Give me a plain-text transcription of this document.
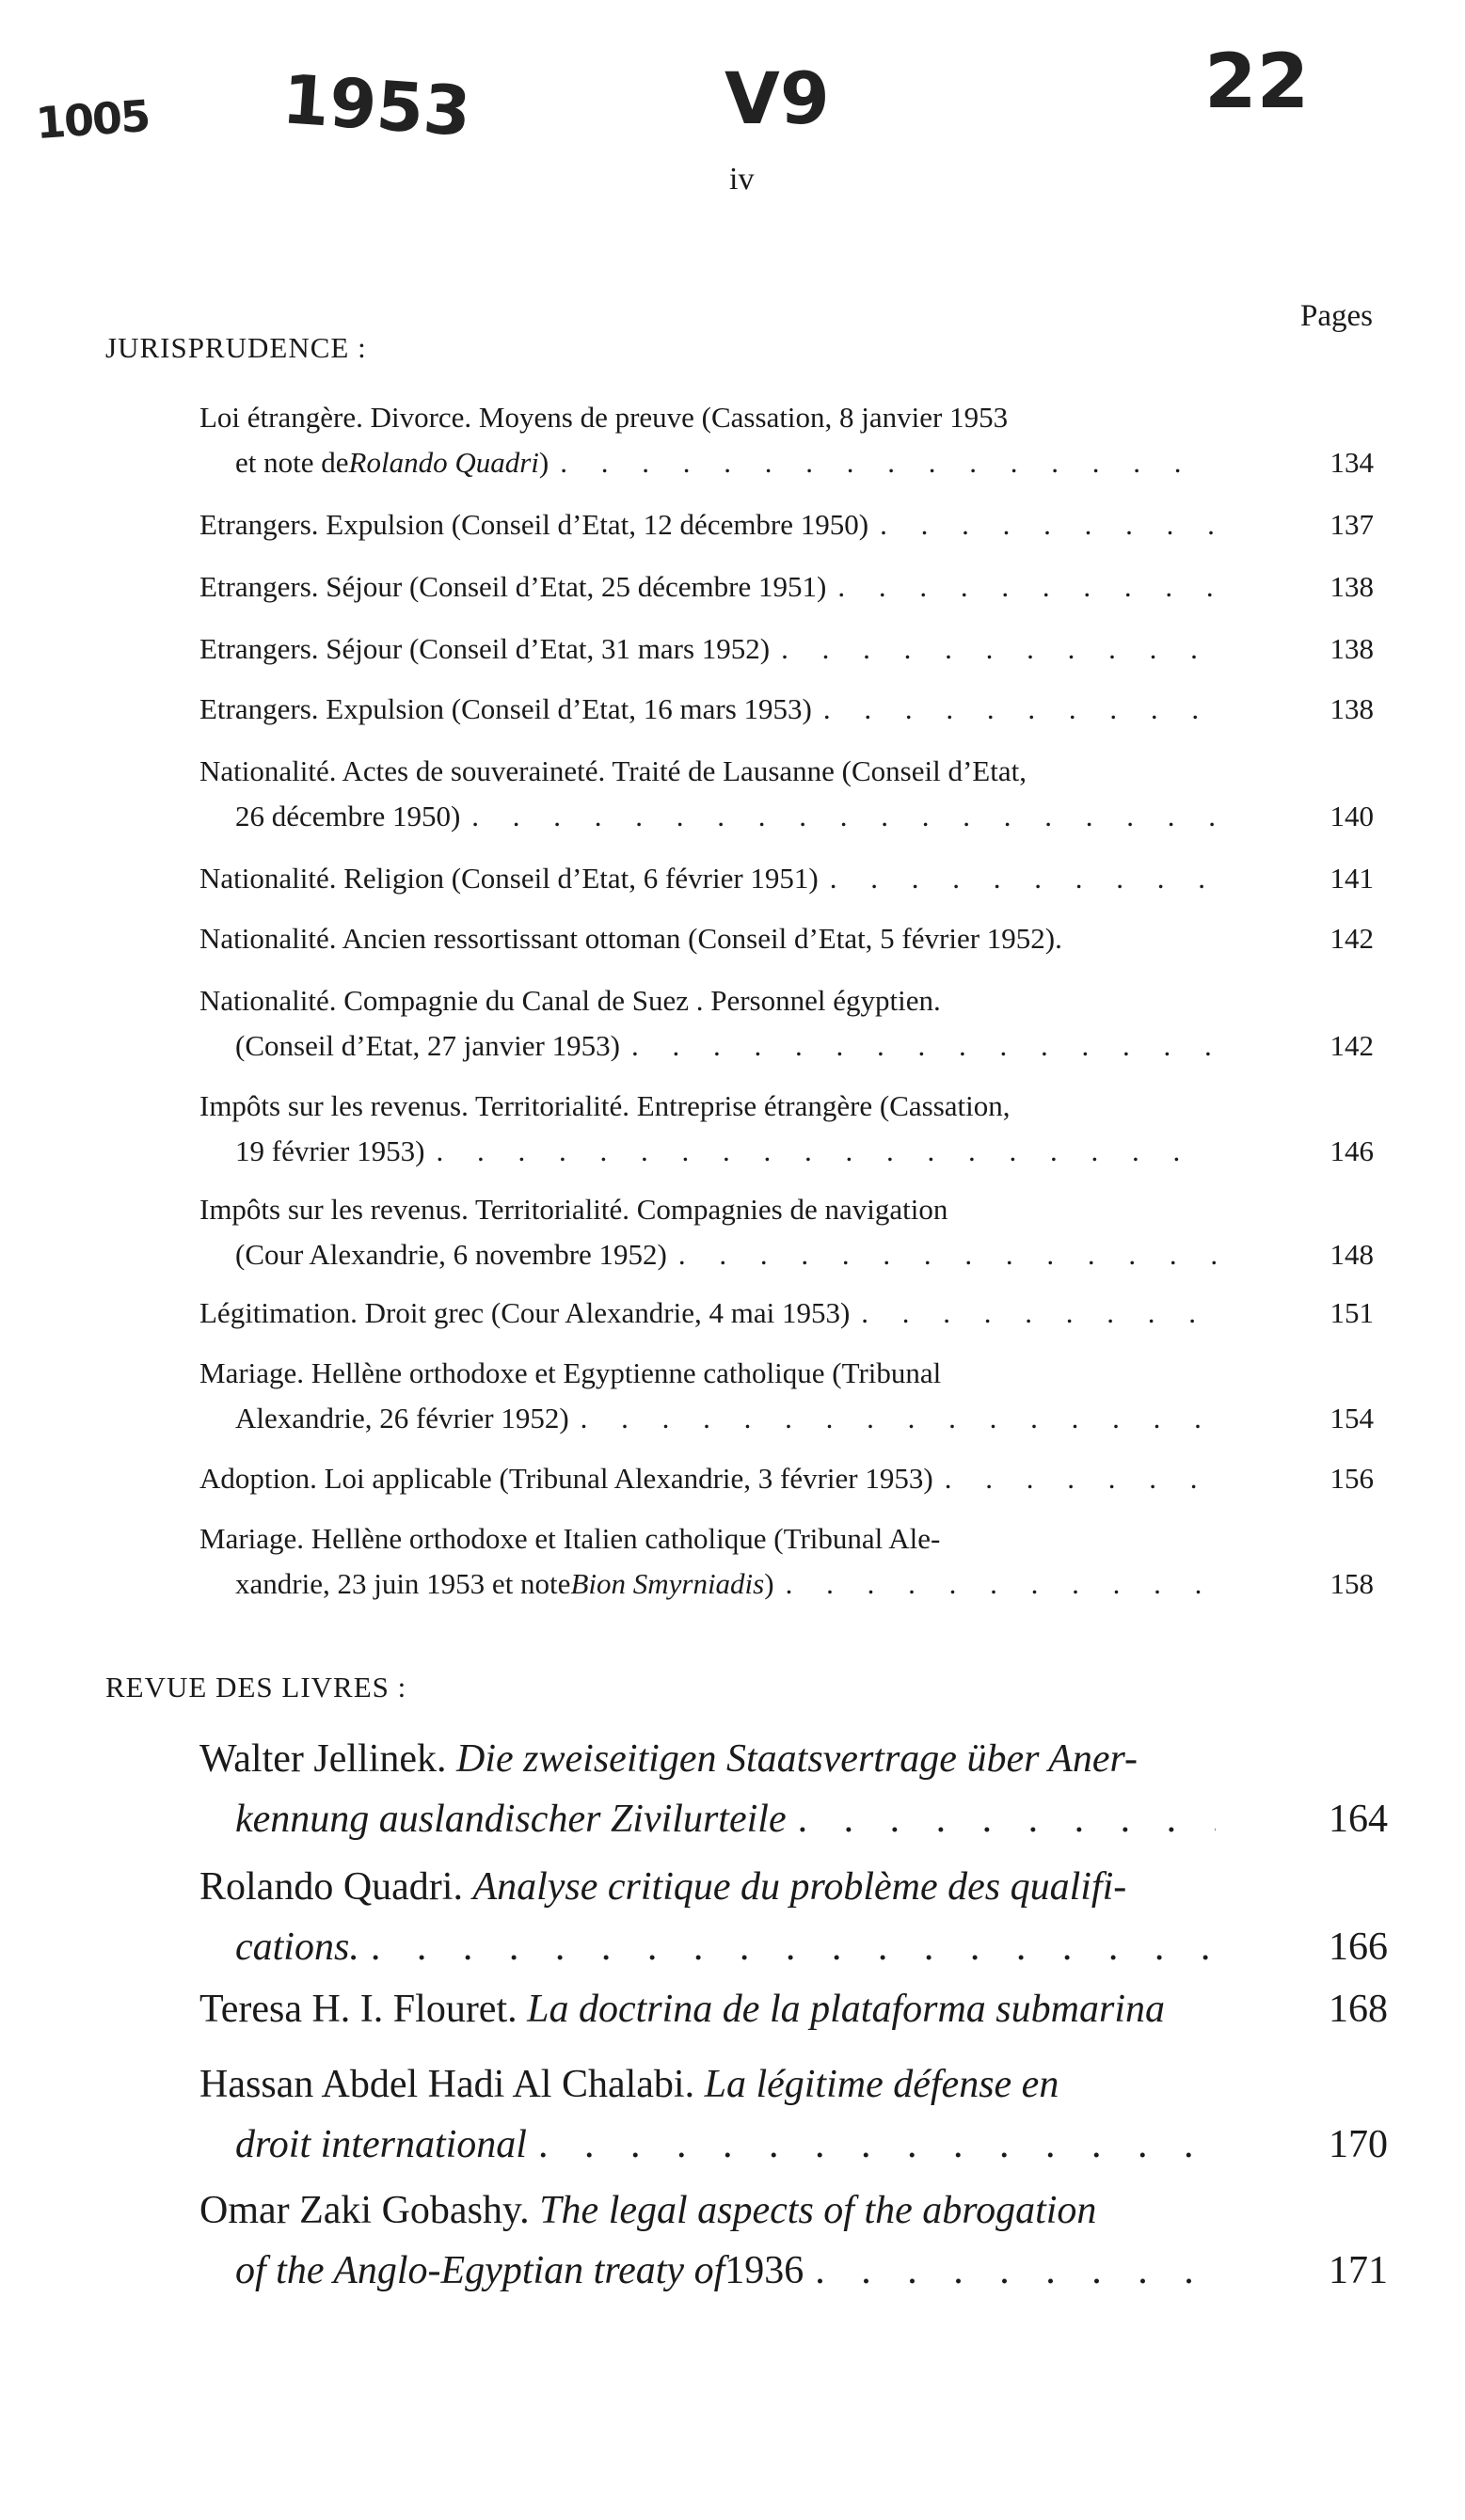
1005 1953	V9	22
iv
Pages
JURISPRUDENCE :
Loi étrangère. Divorce. Moyens de preuve (Cassation, 8 janvier 1953
et note de Rolando Quadri ) . . .	134
Etrangers. Expulsion (Conseil d’Etat, 12 décembre 1950) . . .	137
Etrangers. Séjour (Conseil d’Etat, 25 décembre 1951) . . .	138
Etrangers. Séjour (Conseil d’Etat, 31 mars 1952) . . .	138
Etrangers. Expulsion (Conseil d’Etat, 16 mars 1953) . . .	138
Nationalité. Actes de souveraineté. Traité de Lausanne (Conseil d’Etat,
26 décembre 1950) . . .	140
Nationalité. Religion (Conseil d’Etat, 6 février 1951) . . .	141
Nationalité. Ancien ressortissant ottoman (Conseil d’Etat, 5 février 1952).	142
Nationalité. Compagnie du Canal de Suez . Personnel égyptien.
(Conseil d’Etat, 27 janvier 1953) . . .	142
Impôts sur les revenus. Territorialité. Entreprise étrangère (Cassation,
19 février 1953) . . .	146
Impôts sur les revenus. Territorialité. Compagnies de navigation
(Cour Alexandrie, 6 novembre 1952) . . .	148
Légitimation. Droit grec (Cour Alexandrie, 4 mai 1953) . . .	151
Mariage. Hellène orthodoxe et Egyptienne catholique (Tribunal
Alexandrie, 26 février 1952) . . .	154
Adoption. Loi applicable (Tribunal Alexandrie, 3 février 1953) . . .	156
Mariage. Hellène orthodoxe et Italien catholique (Tribunal Ale-
xandrie, 23 juin 1953 et note Bion Smyrniadis ) . . .	158
REVUE DES LIVRES :
Walter Jellinek.
Die zweiseitigen Staatsvertrage über Aner-
kennung auslandischer Zivilurteile . . .	164
Rolando Quadri.
Analyse critique du problème des qualifi-
cations. . . .	166
Teresa H. I. Flouret.
La doctrina de la plataforma submarina	168
Hassan Abdel Hadi Al Chalabi.
La légitime défense en
droit international . . .	170
Omar Zaki Gobashy.
The legal aspects of the abrogation
of the Anglo-Egyptian treaty of 1936 . . .	171
